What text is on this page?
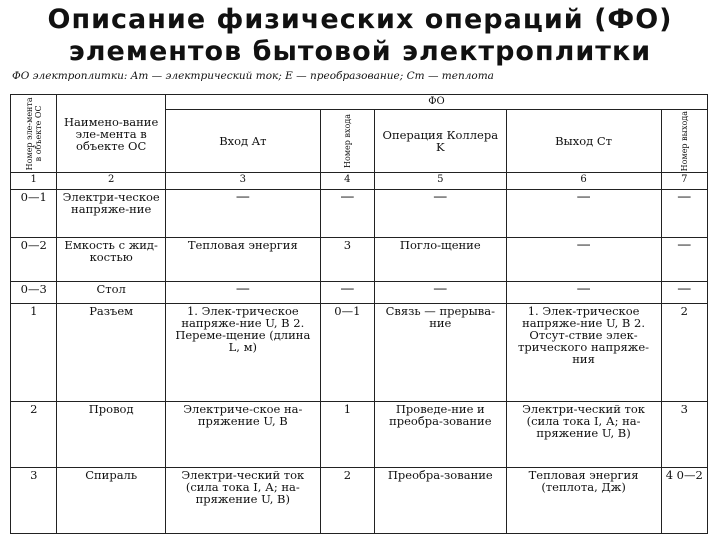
Описание физических операций (ФО)
элементов бытовой электроплитки
ФО электроплитки: Aт — электрический ток; E — преобразование; Cт — теплота
Номер эле-мента в объекте ОС	Наимено-вание эле-мента в объекте ОС	ФО				
		Вход Aт	Номер входа	Операция Коллера K	Выход Cт	Номер выхода

1	2	3	4	5	6	7
0—1	Электри-ческое напряже-ние	—	—	—	—	—
0—2	Емкость с жид-костью	Тепловая энергия	3	Погло-щение	—	—
0—3	Стол	—	—	—	—	—
1	Разъем	1. Элек-трическое напряже-ние U, В 2. Переме-щение (длина L, м)	0—1	Связь — прерыва-ние	1. Элек-трическое напряже-ние U, В 2. Отсут-ствие элек-трического напряже-ния	2
2	Провод	Электриче-ское на-пряжение U, В	1	Проведе-ние и преобра-зование	Электри-ческий ток (сила тока I, А; на-пряжение U, В)	3
3	Спираль	Электри-ческий ток (сила тока I, А; на-пряжение U, В)	2	Преобра-зование	Тепловая энергия (теплота, Дж)	4 0—2
